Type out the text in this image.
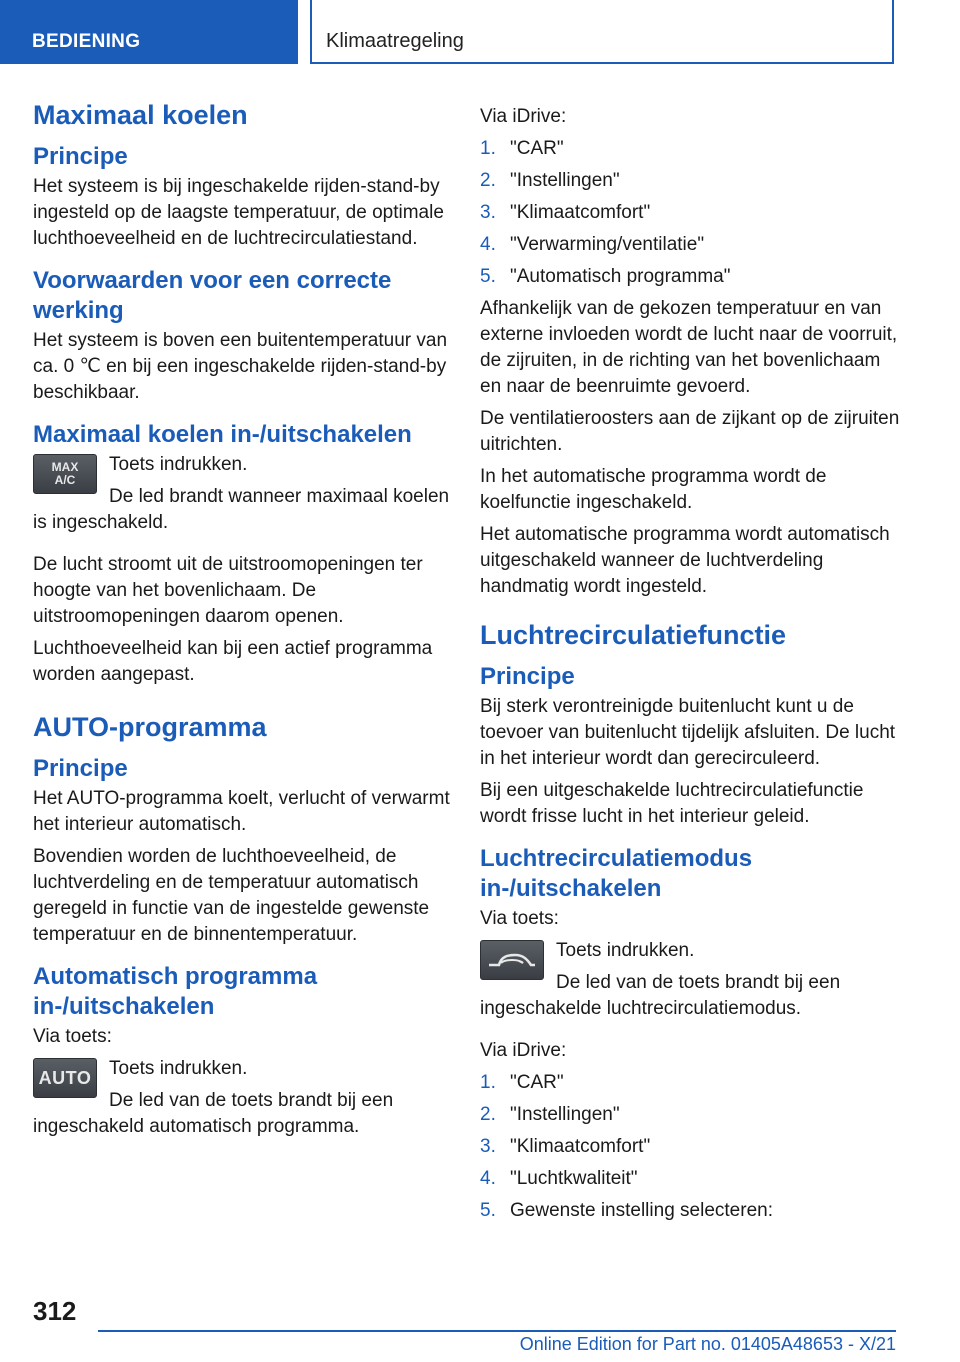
BEDIENING	Klimaatregeling
Maximaal koelen
Principe

Het systeem is bij ingeschakelde rijden-stand-by ingesteld op de laagste temperatuur, de optimale luchthoeveelheid en de luchtrecirculatiestand.

Voorwaarden voor een correcte werking

Het systeem is boven een buitentemperatuur van ca. 0 ℃ en bij een ingeschakelde rijden-stand-by beschikbaar.

Maximaal koelen in-/uitschakelen
MAX
A/C

Toets indrukken.

De led brandt wanneer maximaal koelen is ingeschakeld.

De lucht stroomt uit de uitstroomopeningen ter hoogte van het bovenlichaam. De uitstroomopeningen daarom openen.

Luchthoeveelheid kan bij een actief programma worden aangepast.

AUTO-programma
Principe

Het AUTO-programma koelt, verlucht of verwarmt het interieur automatisch.

Bovendien worden de luchthoeveelheid, de luchtverdeling en de temperatuur automatisch geregeld in functie van de ingestelde gewenste temperatuur en de binnentemperatuur.

Automatisch programma in-/uitschakelen

Via toets:

AUTO Toets indrukken.

De led van de toets brandt bij een ingeschakeld automatisch programma.

Via iDrive:

1. "CAR"
2. "Instellingen"
3. "Klimaatcomfort"
4. "Verwarming/ventilatie"
5. "Automatisch programma"

Afhankelijk van de gekozen temperatuur en van externe invloeden wordt de lucht naar de voorruit, de zijruiten, in de richting van het bovenlichaam en naar de beenruimte gevoerd.

De ventilatieroosters aan de zijkant op de zijruiten uitrichten.

In het automatische programma wordt de koelfunctie ingeschakeld.

Het automatische programma wordt automatisch uitgeschakeld wanneer de luchtverdeling handmatig wordt ingesteld.

Luchtrecirculatiefunctie
Principe

Bij sterk verontreinigde buitenlucht kunt u de toevoer van buitenlucht tijdelijk afsluiten. De lucht in het interieur wordt dan gerecirculeerd.

Bij een uitgeschakelde luchtrecirculatiefunctie wordt frisse lucht in het interieur geleid.

Luchtrecirculatiemodus in-/uitschakelen

Via toets:

Toets indrukken.

De led van de toets brandt bij een ingeschakelde luchtrecirculatiemodus.

Via iDrive:

1. "CAR"
2. "Instellingen"
3. "Klimaatcomfort"
4. "Luchtkwaliteit"
5. Gewenste instelling selecteren:
312
Online Edition for Part no. 01405A48653 - X/21
